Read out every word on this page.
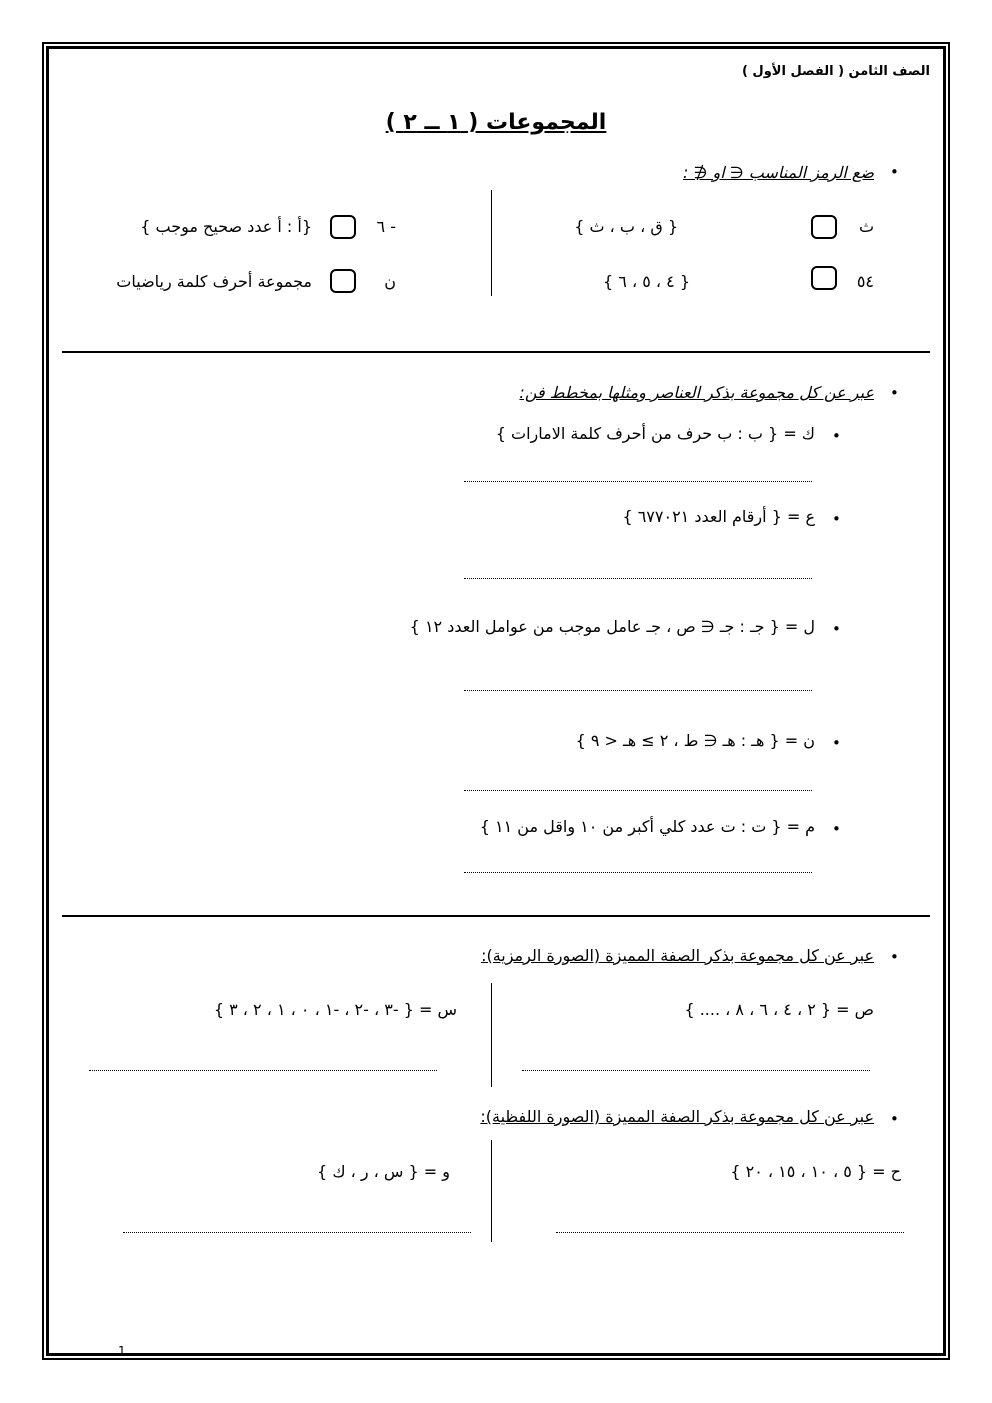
الصف الثامن ( الفصل الأول )
المجموعات ( ١ ــ ٢ )
•
ضع الرمز المناسب ∈ او ∉ :
ث
{ ق ، ب ، ث }
٥٤
{ ٤ ، ٥ ، ٦ }
- ٦
{أ : أ عدد صحيح موجب }
ن
مجموعة أحرف كلمة رياضيات
•
عبر عن كل مجموعة بذكر العناصر ومثلها بمخطط فن:
•
ك = { ب : ب حرف من أحرف كلمة الامارات }
•
ع = { أرقام العدد ٦٧٧٠٢١ }
•
ل = { جـ : جـ ∈ ص ، جـ عامل موجب من عوامل العدد ١٢ }
•
ن = { هـ : هـ ∈ ط ، ٢ ≥ هـ < ٩ }
•
م = { ت : ت عدد كلي أكبر من ١٠ واقل من ١١ }
•
عبر عن كل مجموعة بذكر الصفة المميزة (الصورة الرمزية):
ص = { ٢ ، ٤ ، ٦ ، ٨ ، .... }
س = { -٣ ، -٢ ، -١ ، ٠ ، ١ ، ٢ ، ٣ }
•
عبر عن كل مجموعة بذكر الصفة المميزة (الصورة اللفظية):
ح = { ٥ ، ١٠ ، ١٥ ، ٢٠ }
و = { س ، ر ، ك }
1
